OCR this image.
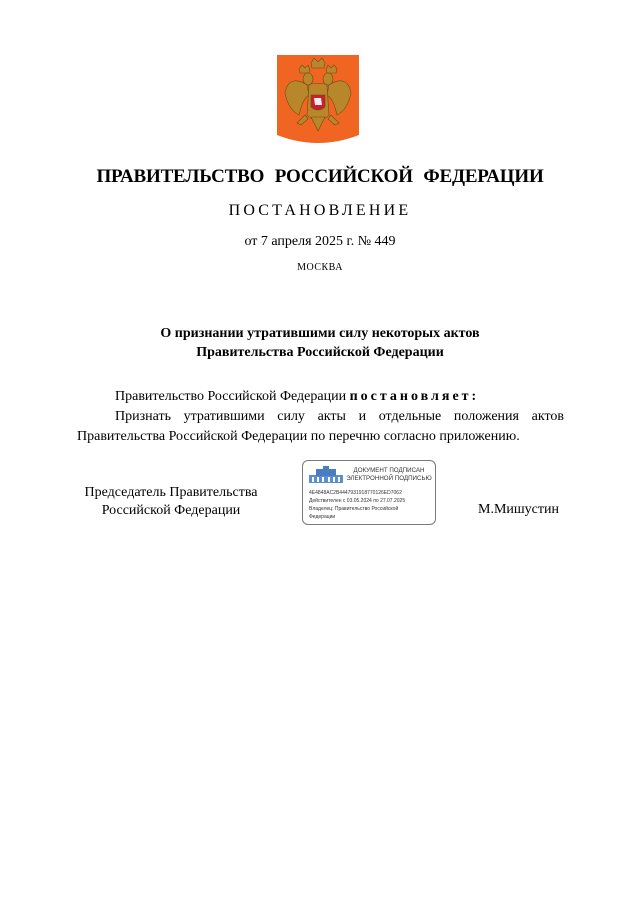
ПРАВИТЕЛЬСТВО РОССИЙСКОЙ ФЕДЕРАЦИИ
ПОСТАНОВЛЕНИЕ
от 7 апреля 2025 г. № 449
МОСКВА
О признании утратившими силу некоторых актов
Правительства Российской Федерации

Правительство Российской Федерации постановляет:

Признать утратившими силу акты и отдельные положения актов Правительства Российской Федерации по перечню согласно приложению.

Председатель Правительства
Российской Федерации
ДОКУМЕНТ ПОДПИСАН
ЭЛЕКТРОННОЙ ПОДПИСЬЮ
4E4848AC2B4447931918770126ED7062
Действителен с 03.05.2024 по 27.07.2025
Владелец: Правительство Российской
Федерации	М.Мишустин
